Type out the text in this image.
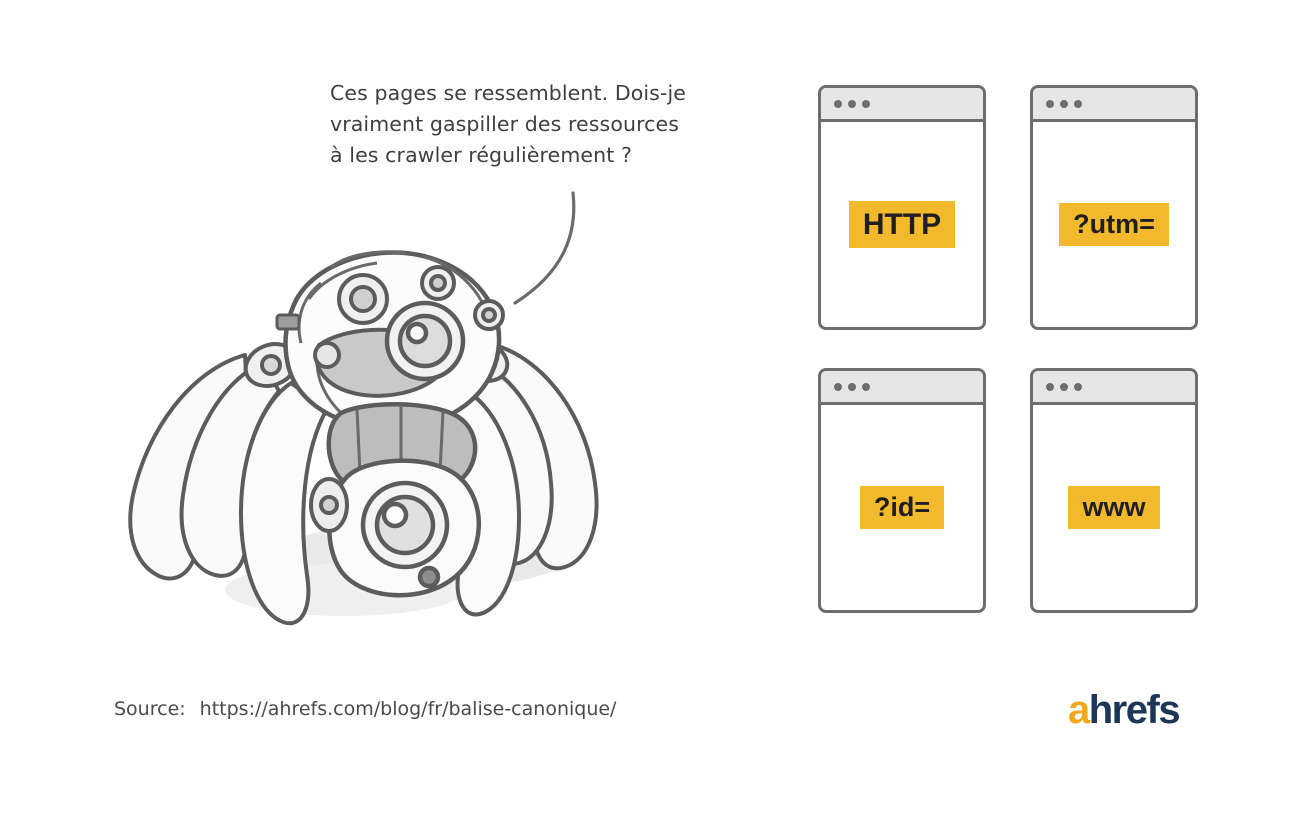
Ces pages se ressemblent. Dois-je
vraiment gaspiller des ressources
à les crawler régulièrement ?
HTTP	?utm=
?id=	www
Source: https://ahrefs.com/blog/fr/balise-canonique/	ahrefs
